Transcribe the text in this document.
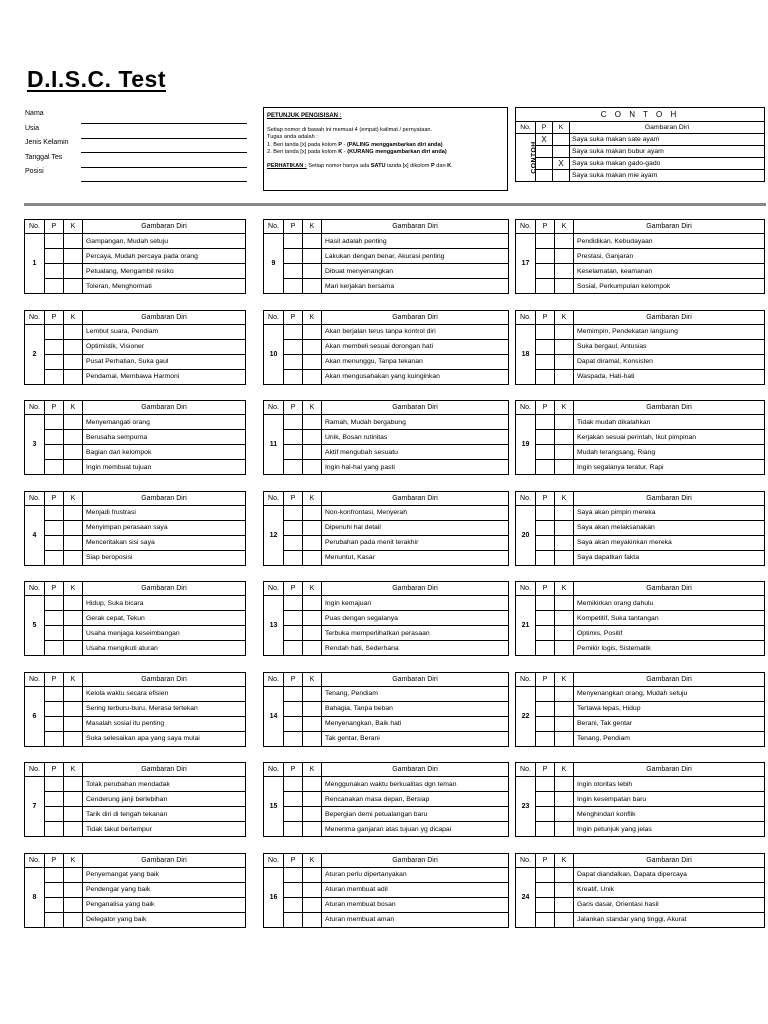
D.I.S.C. Test
Nama
Usia
Jenis Kelamin
Tanggal Tes
Posisi
PETUNJUK PENGISISAN :

Setiap nomor di bawah ini memuat 4 (empat) kalimat / pernyataan.

Tugas anda adalah :

1. Beri tanda [x] pada kolom P - (PALING menggambarkan diri anda)

2. Beri tanda [x] pada kolom K - (KURANG menggambarkan diri anda)

PERHATIKAN : Setiap nomor hanya ada SATU tanda [x] dikolom P dan K.

C O N T O H			
No.	P	K	Gambaran Diri
CONTOH	X		Saya suka makan sate ayam
			Saya suka makan bubur ayam
		X	Saya suka makan gado-gado
			Saya suka makan mie ayam
No.	P	K	Gambaran Diri
1			Gampangan, Mudah setuju
			Percaya, Mudah percaya pada orang
			Petualang, Mengambil resiko
			Toleran, Menghormati
No.	P	K	Gambaran Diri
2			Lembut suara, Pendiam
			Optimistik, Visioner
			Pusat Perhatian, Suka gaul
			Pendamai, Membawa Harmoni
No.	P	K	Gambaran Diri
3			Menyemangati orang
			Berusaha sempurna
			Bagian dari kelompok
			Ingin membuat tujuan
No.	P	K	Gambaran Diri
4			Menjadi frustrasi
			Menyimpan perasaan saya
			Menceritakan sisi saya
			Siap beroposisi
No.	P	K	Gambaran Diri
5			Hidup, Suka bicara
			Gerak cepat, Tekun
			Usaha menjaga keseimbangan
			Usaha mengikuti aturan
No.	P	K	Gambaran Diri
6			Kelola waktu secara efisien
			Sering terburu-buru, Merasa tertekan
			Masalah sosial itu penting
			Suka selesaikan apa yang saya mulai
No.	P	K	Gambaran Diri
7			Tolak perubahan mendadak
			Cenderung janji berlebihan
			Tarik diri di tengah tekanan
			Tidak takut bertempur
No.	P	K	Gambaran Diri
8			Penyemangat yang baik
			Pendengar yang baik
			Penganalisa yang baik
			Delegator yang baik
No.	P	K	Gambaran Diri
9			Hasil adalah penting
			Lakukan dengan benar, Akurasi penting
			Dibuat menyenangkan
			Mari kerjakan bersama
No.	P	K	Gambaran Diri
10			Akan berjalan terus tanpa kontrol diri
			Akan membeli sesuai dorongan hati
			Akan menunggu, Tanpa tekanan
			Akan mengusahakan yang kuinginkan
No.	P	K	Gambaran Diri
11			Ramah, Mudah bergabung
			Unik, Bosan rutinitas
			Aktif mengubah sesuatu
			Ingin hal-hal yang pasti
No.	P	K	Gambaran Diri
12			Non-konfrontasi, Menyerah
			Dipenuhi hal detail
			Perubahan pada menit terakhir
			Menuntut, Kasar
No.	P	K	Gambaran Diri
13			Ingin kemajuan
			Puas dengan segalanya
			Terbuka memperlihatkan perasaan
			Rendah hati, Sederhana
No.	P	K	Gambaran Diri
14			Tenang, Pendiam
			Bahagia, Tanpa beban
			Menyenangkan, Baik hati
			Tak gentar, Berani
No.	P	K	Gambaran Diri
15			Menggunakan waktu berkualitas dgn teman
			Rencanakan masa depan, Bersiap
			Bepergian demi petualangan baru
			Menerima ganjaran atas tujuan yg dicapai
No.	P	K	Gambaran Diri
16			Aturan perlu dipertanyakan
			Aturan membuat adil
			Aturan membuat bosan
			Aturan membuat aman
No.	P	K	Gambaran Diri
17			Pendidikan, Kebudayaan
			Prestasi, Ganjaran
			Keselamatan, keamanan
			Sosial, Perkumpulan kelompok
No.	P	K	Gambaran Diri
18			Memimpin, Pendekatan langsung
			Suka bergaul, Antusias
			Dapat diramal, Konsisten
			Waspada, Hati-hati
No.	P	K	Gambaran Diri
19			Tidak mudah dikalahkan
			Kerjakan sesuai perintah, Ikut pimpinan
			Mudah terangsang, Riang
			Ingin segalanya teratur, Rapi
No.	P	K	Gambaran Diri
20			Saya akan pimpin mereka
			Saya akan melaksanakan
			Saya akan meyakinkan mereka
			Saya dapatkan fakta
No.	P	K	Gambaran Diri
21			Memikirkan orang dahulu
			Kompetitif, Suka tantangan
			Optimis, Positif
			Pemikir logis, Sistematik
No.	P	K	Gambaran Diri
22			Menyenangkan orang, Mudah setuju
			Tertawa lepas, Hidup
			Berani, Tak gentar
			Tenang, Pendiam
No.	P	K	Gambaran Diri
23			Ingin otoritas lebih
			Ingin kesempatan baru
			Menghindari konflik
			Ingin petunjuk yang jelas
No.	P	K	Gambaran Diri
24			Dapat diandalkan, Dapata dipercaya
			Kreatif, Unik
			Garis dasar, Orientasi hasil
			Jalankan standar yang tinggi, Akurat
